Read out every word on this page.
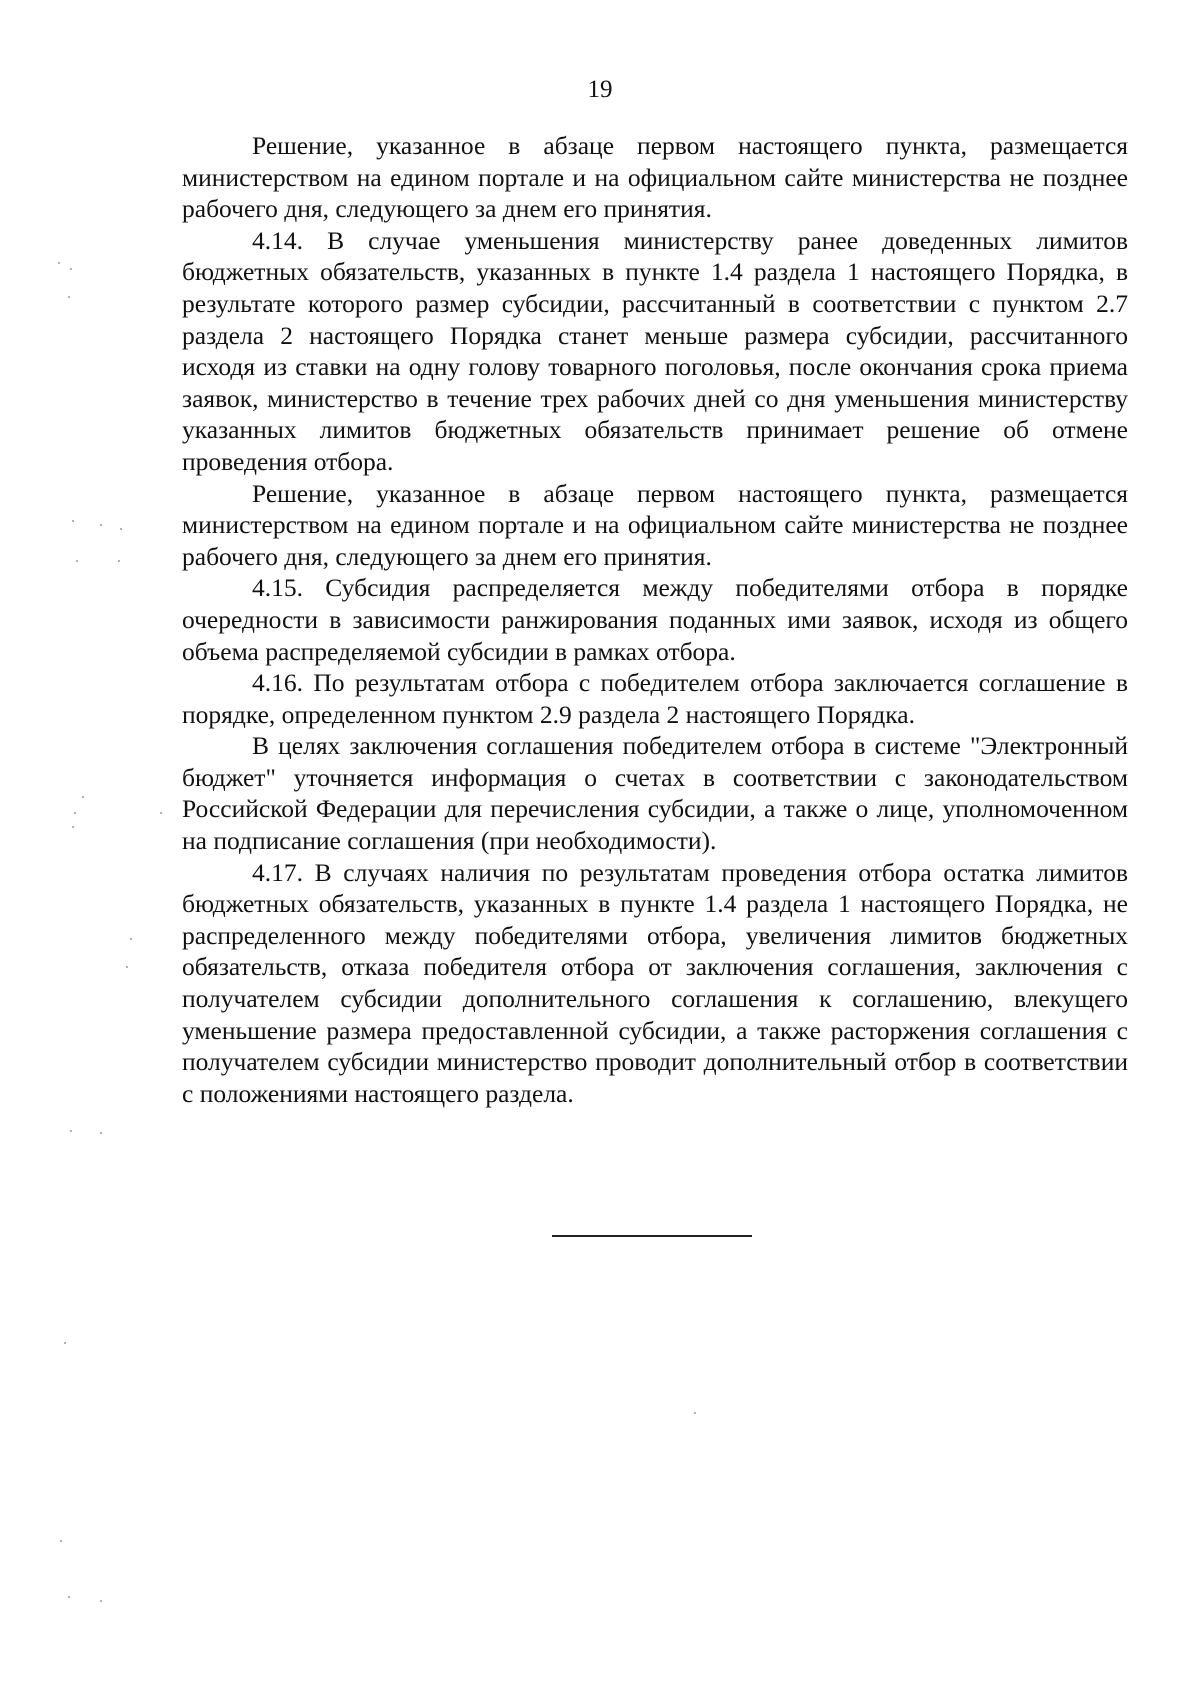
19

Решение, указанное в абзаце первом настоящего пункта, размещается министерством на едином портале и на официальном сайте министерства не позднее рабочего дня, следующего за днем его принятия.

4.14. В случае уменьшения министерству ранее доведенных лимитов бюджетных обязательств, указанных в пункте 1.4 раздела 1 настоящего Порядка, в результате которого размер субсидии, рассчитанный в соответствии с пунктом 2.7 раздела 2 настоящего Порядка станет меньше размера субсидии, рассчитанного исходя из ставки на одну голову товарного поголовья, после окончания срока приема заявок, министерство в течение трех рабочих дней со дня уменьшения министерству указанных лимитов бюджетных обязательств принимает решение об отмене проведения отбора.

Решение, указанное в абзаце первом настоящего пункта, размещается министерством на едином портале и на официальном сайте министерства не позднее рабочего дня, следующего за днем его принятия.

4.15. Субсидия распределяется между победителями отбора в порядке очередности в зависимости ранжирования поданных ими заявок, исходя из общего объема распределяемой субсидии в рамках отбора.

4.16. По результатам отбора с победителем отбора заключается соглашение в порядке, определенном пунктом 2.9 раздела 2 настоящего Порядка.

В целях заключения соглашения победителем отбора в системе "Электронный бюджет" уточняется информация о счетах в соответствии с законодательством Российской Федерации для перечисления субсидии, а также о лице, уполномоченном на подписание соглашения (при необходимости).

4.17. В случаях наличия по результатам проведения отбора остатка лимитов бюджетных обязательств, указанных в пункте 1.4 раздела 1 настоящего Порядка, не распределенного между победителями отбора, увеличения лимитов бюджетных обязательств, отказа победителя отбора от заключения соглашения, заключения с получателем субсидии дополнительного соглашения к соглашению, влекущего уменьшение размера предоставленной субсидии, а также расторжения соглашения с получателем субсидии министерство проводит дополнительный отбор в соответствии с положениями настоящего раздела.
